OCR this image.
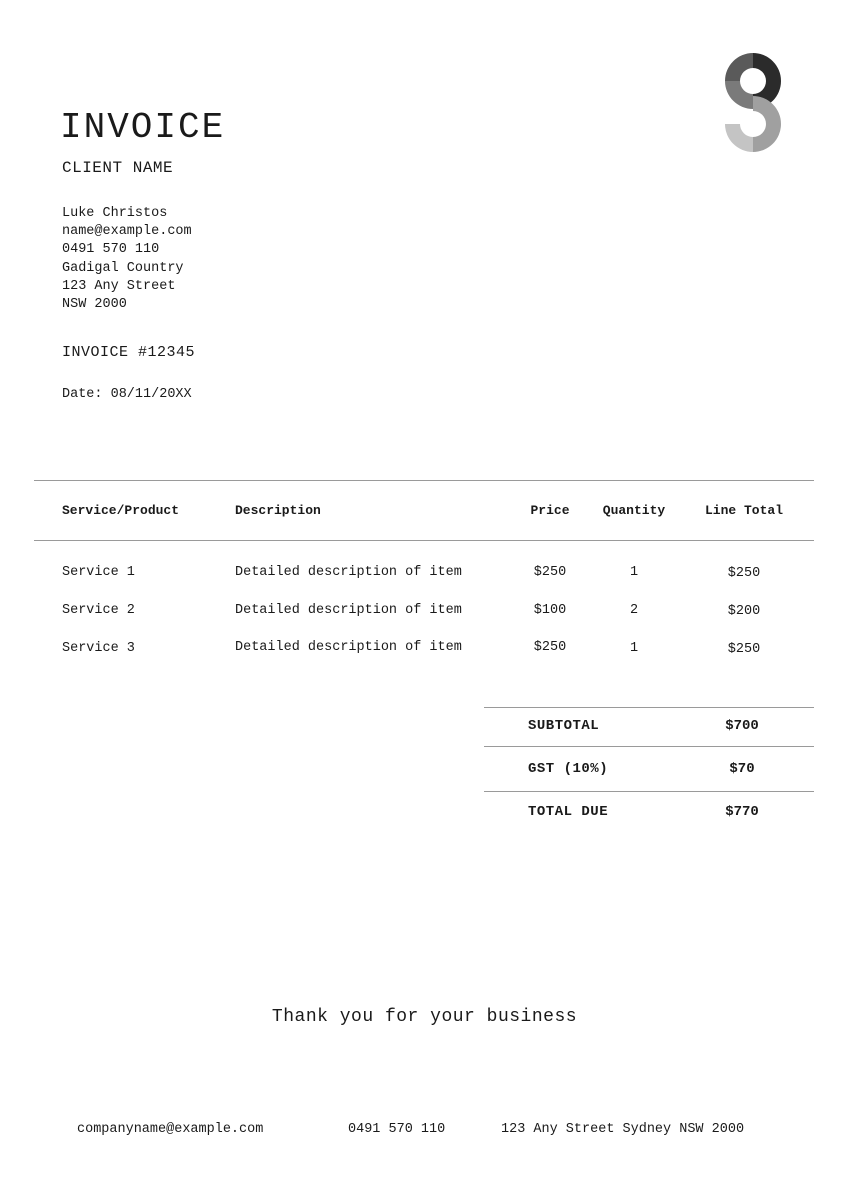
INVOICE
CLIENT NAME
Luke Christos
name@example.com
0491 570 110
Gadigal Country
123 Any Street
NSW 2000
INVOICE #12345
Date: 08/11/20XX
Service/Product	Description	Price	Quantity	Line Total
Service 1	Detailed description of item	$250	1	$250
Service 2	Detailed description of item	$100	2	$200
Service 3	Detailed description of item	$250	1	$250
SUBTOTAL	$700
GST (10%)	$70
TOTAL DUE	$770
Thank you for your business
companyname@example.com	0491 570 110	123 Any Street Sydney NSW 2000
